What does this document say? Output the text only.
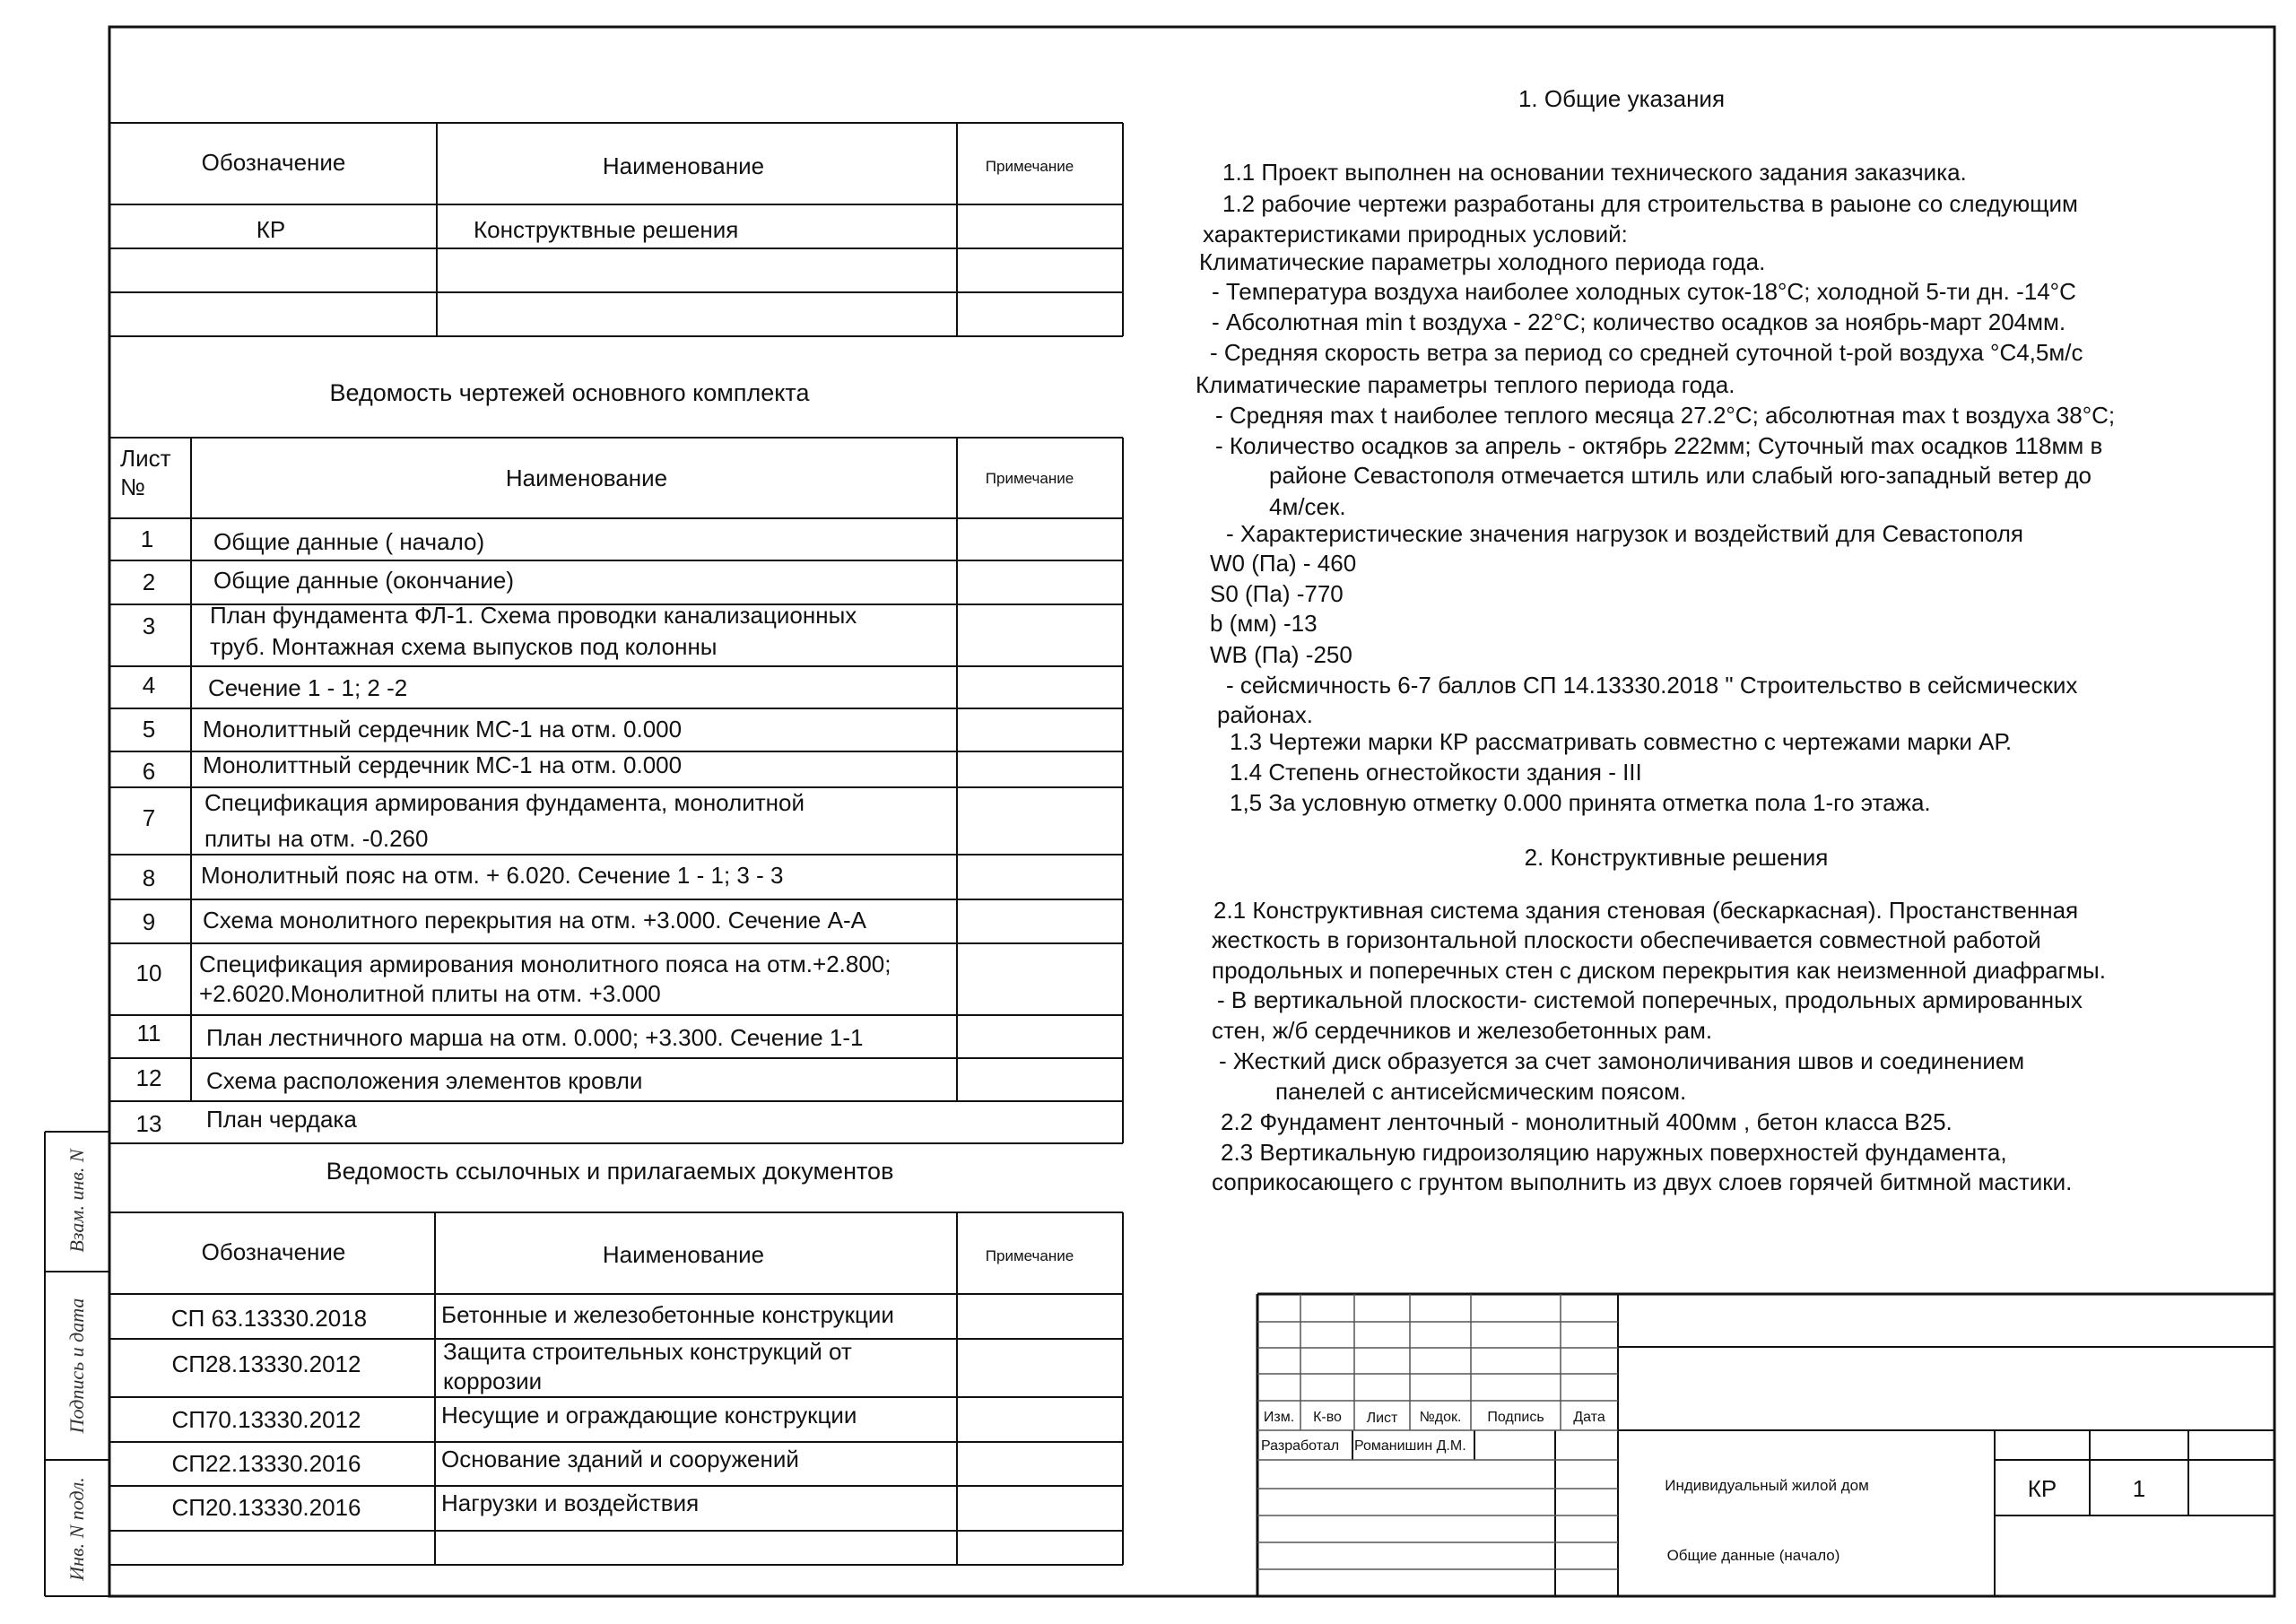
Взам. инв. N
Подпись и дата
Инв. N подл.
Обозначение	Наименование	Примечание
КР	Конструктвные решения
Ведомость чертежей основного комплекта
Лист
№	Наименование	Примечание
1	Общие данные ( начало)
2 Общие данные (окончание)
3 План фундамента ФЛ-1. Схема проводки канализационных
труб. Монтажная схема выпусков под колонны
4 Сечение 1 - 1; 2 -2
5 Монолиттный сердечник МС-1 на отм. 0.000
6 Монолиттный сердечник МС-1 на отм. 0.000
7
Спецификация армирования фундамента, монолитной
плиты на отм. -0.260
8 Монолитный пояс на отм. + 6.020. Сечение 1 - 1; 3 - 3
9 Схема монолитного перекрытия на отм. +3.000. Сечение А-А
10 Спецификация армирования монолитного пояса на отм.+2.800;
+2.6020.Монолитной плиты на отм. +3.000
11 План лестничного марша на отм. 0.000; +3.300. Сечение 1-1
12 Схема расположения элементов кровли
13 План чердака
Ведомость ссылочных и прилагаемых документов
Обозначение	Наименование	Примечание
СП 63.13330.2018	Бетонные и железобетонные конструкции
СП28.13330.2012	Защита строительных конструкций от
коррозии
СП70.13330.2012	Несущие и ограждающие конструкции
СП22.13330.2016	Основание зданий и сооружений
СП20.13330.2016	Нагрузки и воздействия
1. Общие указания
1.1 Проект выполнен на основании технического задания заказчика.
1.2 рабочие чертежи разработаны для строительства в раыоне со следующим
характеристиками природных условий:
Климатические параметры холодного периода года.
- Температура воздуха наиболее холодных суток-18°С; холодной 5-ти дн. -14°С
- Абсолютная min t воздуха - 22°С; количество осадков за ноябрь-март 204мм.
- Средняя скорость ветра за период со средней суточной t-рой воздуха °С4,5м/с
Климатические параметры теплого периода года.
- Средняя max t наиболее теплого месяца 27.2°С; абсолютная max t воздуха 38°С;
- Количество осадков за апрель - октябрь 222мм; Суточный max осадков 118мм в
районе Севастополя отмечается штиль или слабый юго-западный ветер до
4м/сек.
- Характеристические значения нагрузок и воздействий для Севастополя
W0 (Па) - 460
S0 (Па) -770
b (мм) -13
WB (Па) -250
- сейсмичность 6-7 баллов СП 14.13330.2018 " Строительство в сейсмических
районах.
1.3 Чертежи марки КР рассматривать совместно с чертежами марки АР.
1.4 Степень огнестойкости здания - III
1,5 За условную отметку 0.000 принята отметка пола 1-го этажа.
2. Конструктивные решения
2.1 Конструктивная система здания стеновая (бескаркасная). Простанственная
жесткость в горизонтальной плоскости обеспечивается совместной работой
продольных и поперечных стен с диском перекрытия как неизменной диафрагмы.
- В вертикальной плоскости- системой поперечных, продольных армированных
стен, ж/б сердечников и железобетонных рам.
- Жесткий диск образуется за счет замоноличивания швов и соединением
панелей с антисейсмическим поясом.
2.2 Фундамент ленточный - монолитный 400мм , бетон класса В25.
2.3 Вертикальную гидроизоляцию наружных поверхностей фундамента,
соприкосающего с грунтом выполнить из двух слоев горячей битмной мастики.
Изм. К-во Лист №док. Подпись Дата
Разработал Романишин Д.М.
Индивидуальный жилой дом
Общие данные (начало)
КР	1
